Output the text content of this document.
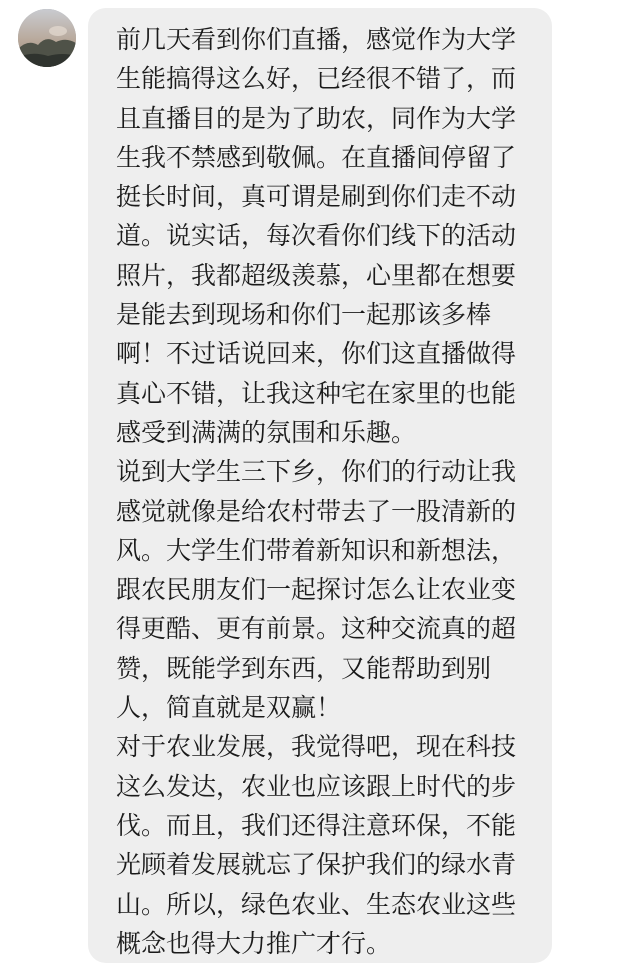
前几天看到你们直播，感觉作为大学
生能搞得这么好，已经很不错了，而
且直播目的是为了助农，同作为大学
生我不禁感到敬佩。在直播间停留了
挺长时间，真可谓是刷到你们走不动
道。说实话，每次看你们线下的活动
照片，我都超级羡慕，心里都在想要
是能去到现场和你们一起那该多棒
啊！不过话说回来，你们这直播做得
真心不错，让我这种宅在家里的也能
感受到满满的氛围和乐趣。
说到大学生三下乡，你们的行动让我
感觉就像是给农村带去了一股清新的
风。大学生们带着新知识和新想法，
跟农民朋友们一起探讨怎么让农业变
得更酷、更有前景。这种交流真的超
赞，既能学到东西，又能帮助到别
人，简直就是双赢！
对于农业发展，我觉得吧，现在科技
这么发达，农业也应该跟上时代的步
伐。而且，我们还得注意环保，不能
光顾着发展就忘了保护我们的绿水青
山。所以，绿色农业、生态农业这些
概念也得大力推广才行。
